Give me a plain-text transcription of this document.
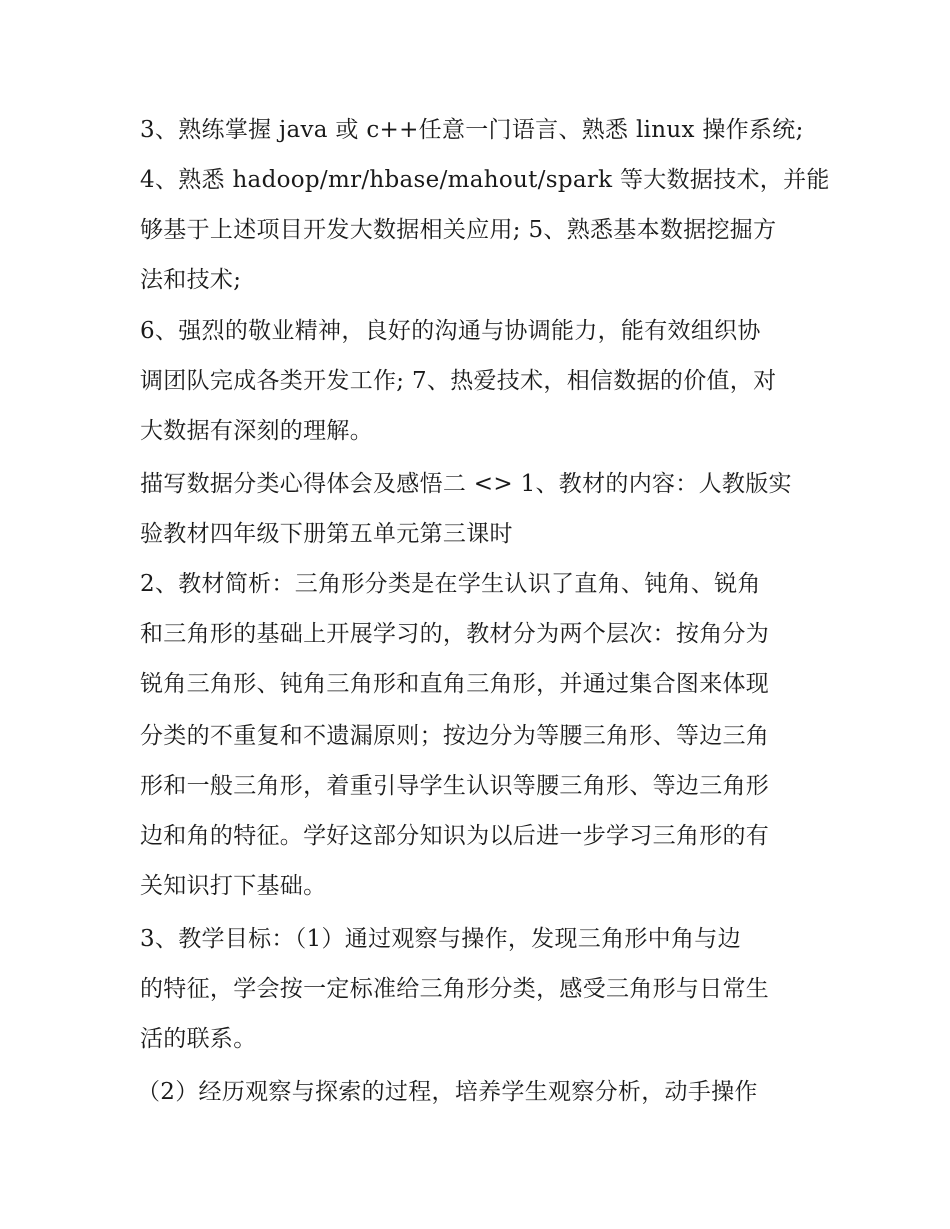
3、熟练掌握 java 或 c++任意一门语言、熟悉 linux 操作系统;
4、熟悉 hadoop/mr/hbase/mahout/spark 等大数据技术，并能
够基于上述项目开发大数据相关应用; 5、熟悉基本数据挖掘方
法和技术;
6、强烈的敬业精神，良好的沟通与协调能力，能有效组织协
调团队完成各类开发工作; 7、热爱技术，相信数据的价值，对
大数据有深刻的理解。
描写数据分类心得体会及感悟二 <> 1、教材的内容：人教版实
验教材四年级下册第五单元第三课时
2、教材简析：三角形分类是在学生认识了直角、钝角、锐角
和三角形的基础上开展学习的，教材分为两个层次：按角分为
锐角三角形、钝角三角形和直角三角形，并通过集合图来体现
分类的不重复和不遗漏原则；按边分为等腰三角形、等边三角
形和一般三角形，着重引导学生认识等腰三角形、等边三角形
边和角的特征。学好这部分知识为以后进一步学习三角形的有
关知识打下基础。
3、教学目标：（1）通过观察与操作，发现三角形中角与边
的特征，学会按一定标准给三角形分类，感受三角形与日常生
活的联系。
（2）经历观察与探索的过程，培养学生观察分析，动手操作
